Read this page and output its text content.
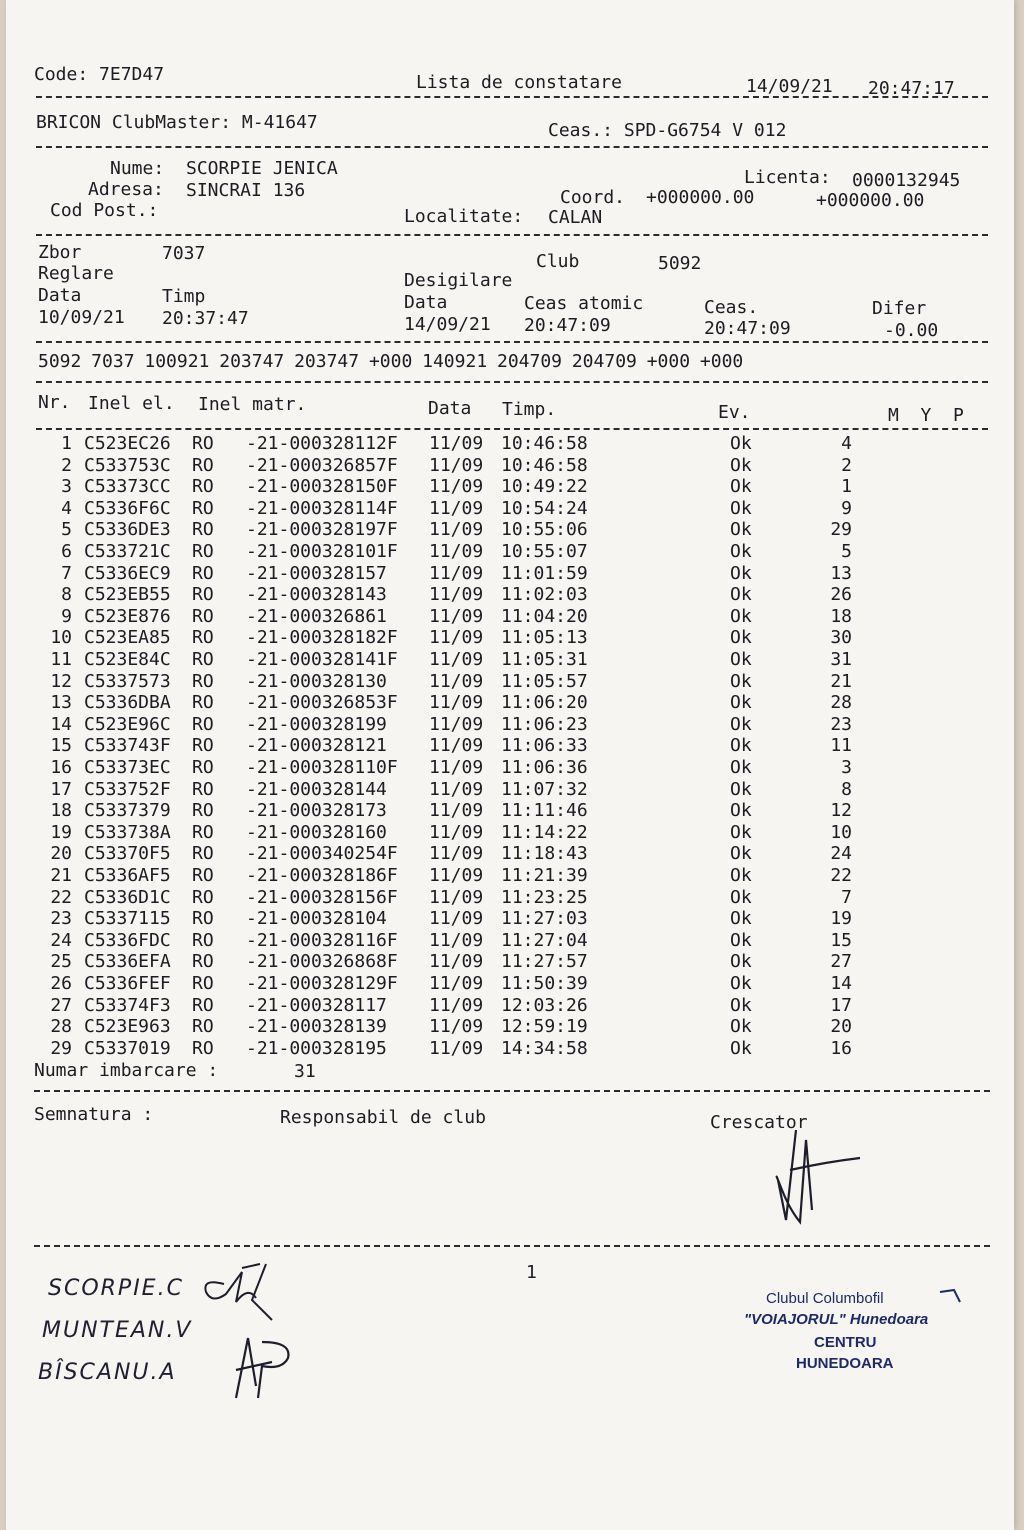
Code: 7E7D47	Lista de constatare	14/09/21 20:47:17
BRICON ClubMaster: M-41647	Ceas.: SPD-G6754 V 012
Nume: SCORPIE JENICA
Adresa: SINCRAI 136
Cod Post.:
Licenta: 0000132945
Coord. +000000.00	+000000.00
Localitate: CALAN
Zbor	7037	Club	5092
Reglare	Desigilare
Data	Timp	Data	Ceas atomic	Ceas.	Difer
10/09/21 20:37:47	14/09/21 20:47:09	20:47:09	-0.00
5092 7037 100921 203747 203747 +000 140921 204709 204709 +000 +000
Nr. Inel el. Inel matr.	Data Timp.	Ev.	M  Y  P
Numar imbarcare :	31
Semnatura :	Responsabil de club	Crescator
1
SCORPIE.C
MUNTEAN.V
BÎSCANU.A
Clubul Columbofil
"VOIAJORUL" Hunedoara
CENTRU
HUNEDOARA
1 C523EC26 RO -21-000328112F 11/09 10:46:58	Ok	4
2 C533753C RO -21-000326857F 11/09 10:46:58	Ok	2
3 C53373CC RO -21-000328150F 11/09 10:49:22	Ok	1
4 C5336F6C RO -21-000328114F 11/09 10:54:24	Ok	9
5 C5336DE3 RO -21-000328197F 11/09 10:55:06	Ok	29
6 C533721C RO -21-000328101F 11/09 10:55:07	Ok	5
7 C5336EC9 RO -21-000328157 11/09 11:01:59	Ok	13
8 C523EB55 RO -21-000328143 11/09 11:02:03	Ok	26
9 C523E876 RO -21-000326861 11/09 11:04:20	Ok	18
10 C523EA85 RO -21-000328182F 11/09 11:05:13	Ok	30
11 C523E84C RO -21-000328141F 11/09 11:05:31	Ok	31
12 C5337573 RO -21-000328130 11/09 11:05:57	Ok	21
13 C5336DBA RO -21-000326853F 11/09 11:06:20	Ok	28
14 C523E96C RO -21-000328199 11/09 11:06:23	Ok	23
15 C533743F RO -21-000328121 11/09 11:06:33	Ok	11
16 C53373EC RO -21-000328110F 11/09 11:06:36	Ok	3
17 C533752F RO -21-000328144 11/09 11:07:32	Ok	8
18 C5337379 RO -21-000328173 11/09 11:11:46	Ok	12
19 C533738A RO -21-000328160 11/09 11:14:22	Ok	10
20 C53370F5 RO -21-000340254F 11/09 11:18:43	Ok	24
21 C5336AF5 RO -21-000328186F 11/09 11:21:39	Ok	22
22 C5336D1C RO -21-000328156F 11/09 11:23:25	Ok	7
23 C5337115 RO -21-000328104 11/09 11:27:03	Ok	19
24 C5336FDC RO -21-000328116F 11/09 11:27:04	Ok	15
25 C5336EFA RO -21-000326868F 11/09 11:27:57	Ok	27
26 C5336FEF RO -21-000328129F 11/09 11:50:39	Ok	14
27 C53374F3 RO -21-000328117 11/09 12:03:26	Ok	17
28 C523E963 RO -21-000328139 11/09 12:59:19	Ok	20
29 C5337019 RO -21-000328195 11/09 14:34:58	Ok	16
